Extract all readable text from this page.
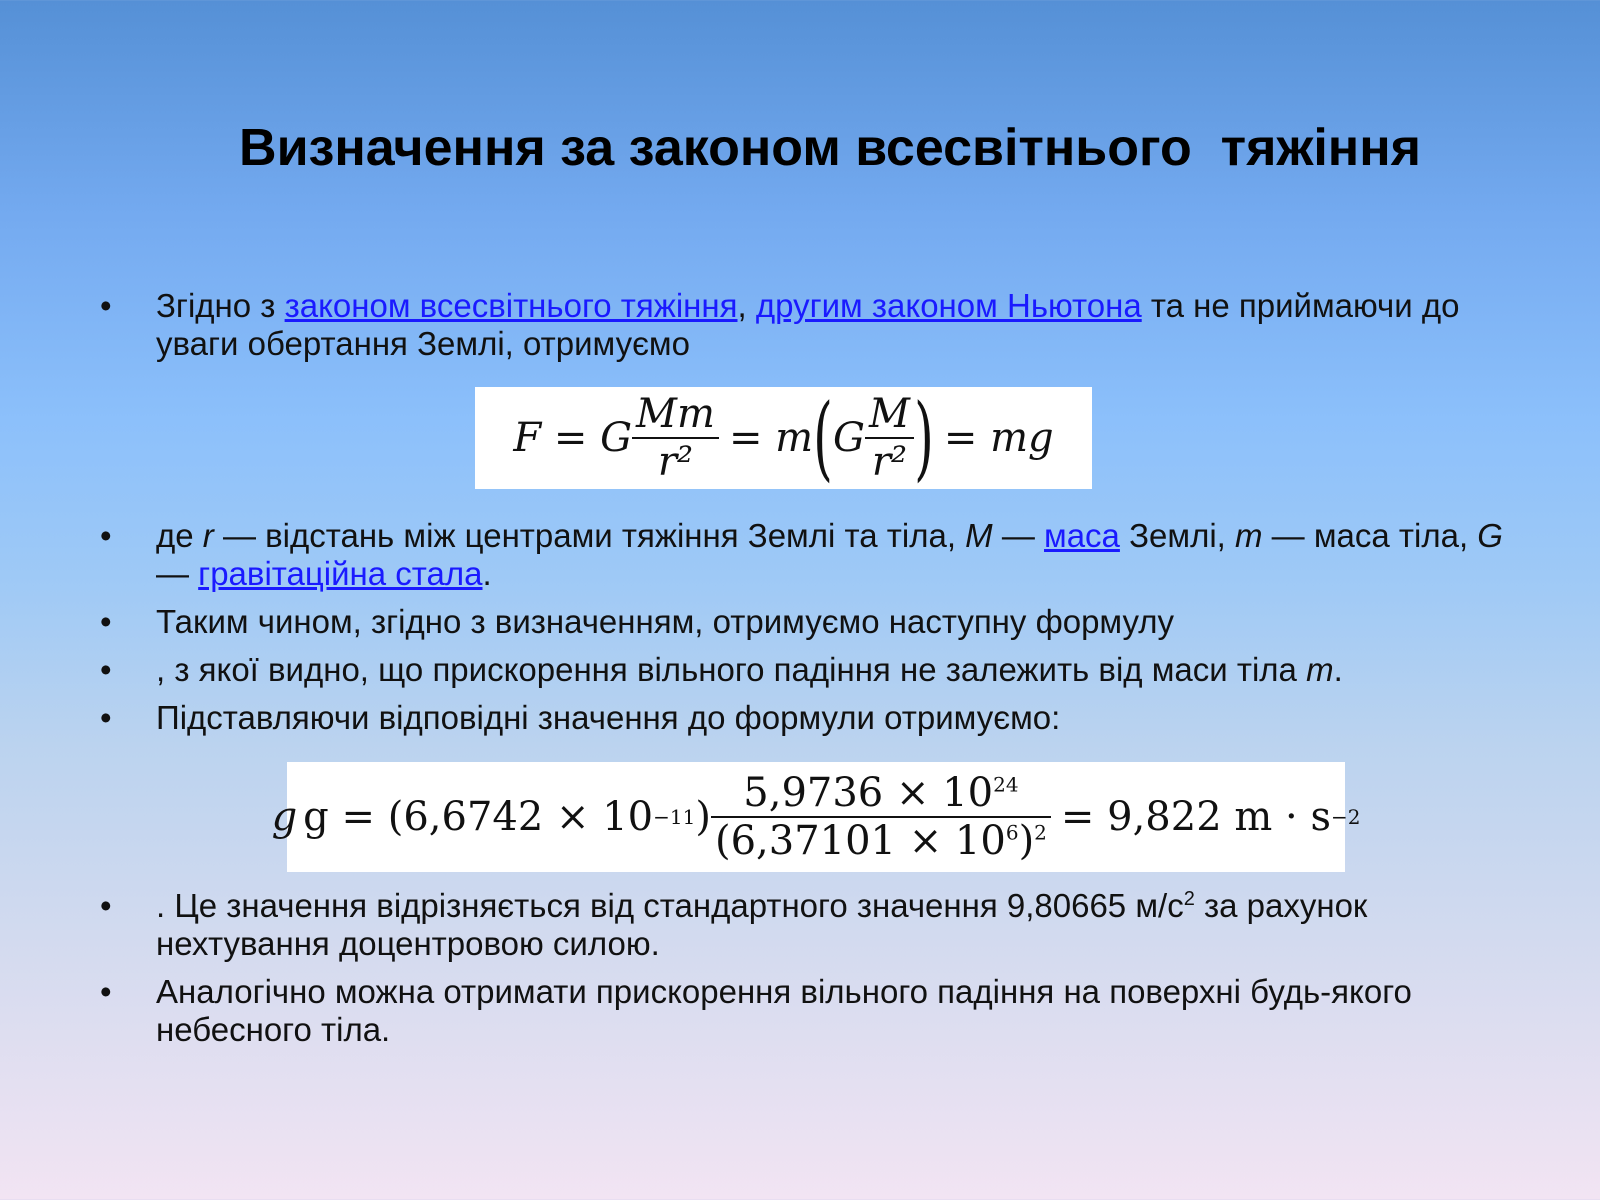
Визначення за законом всесвітнього  тяжіння
• Згідно з законом всесвітнього тяжіння, другим законом Ньютона та не приймаючи до уваги обертання Землі, отримуємо
F = G $\frac{Mm}{\text{r²}} = m$ ( G $\frac{M}{\text{r²}}$ ) = mg
• де r — відстань між центрами тяжіння Землі та тіла, M — маса Землі, m — маса тіла, G — гравітаційна стала.
• Таким чином, згідно з визначенням, отримуємо наступну формулу
• , з якої видно, що прискорення вільного падіння не залежить від маси тіла m.
• Підставляючи відповідні значення до формули отримуємо:
g g = (6,6742 × 10 −11 ) $\frac{5,9736 \times 10^{24}}{(6,37101 \times 10^6)^2} = 9,822$ m · s −2
• . Це значення відрізняється від стандартного значення 9,80665 $м/с^2$ за рахунок нехтування доцентровою силою.
• Аналогічно можна отримати прискорення вільного падіння на поверхні будь-якого небесного тіла.
